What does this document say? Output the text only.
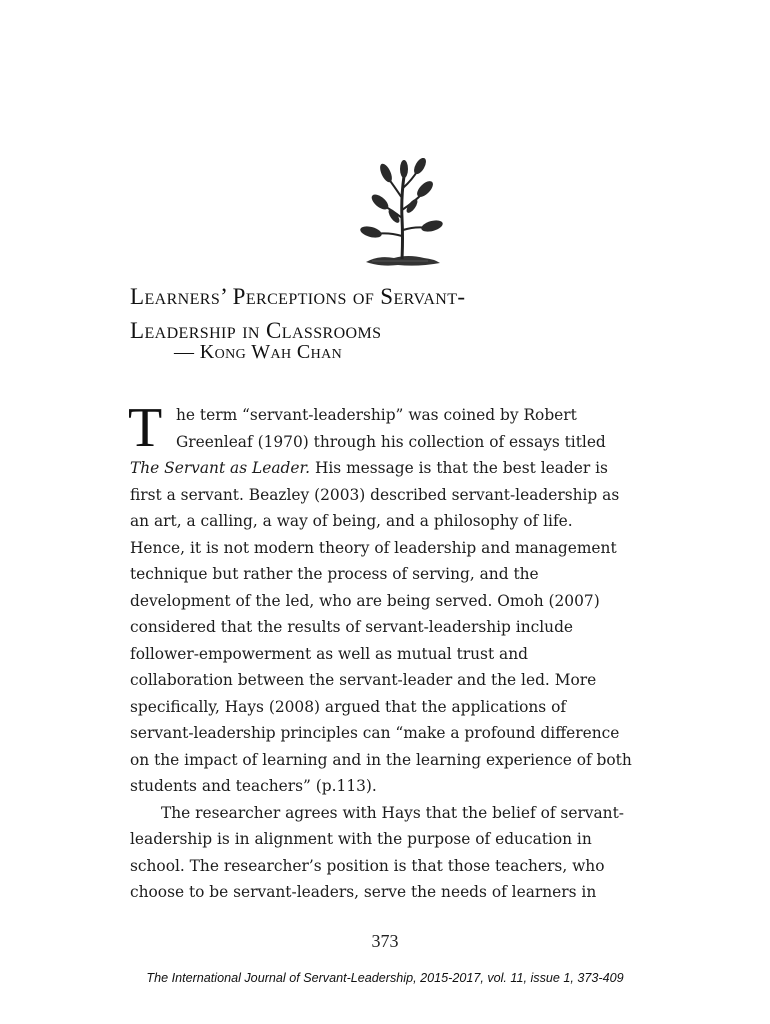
Learners’ Perceptions of Servant-
Leadership in Classrooms
— Kong Wah Chan
T he term “servant-leadership” was coined by Robert
Greenleaf (1970) through his collection of essays titled
The Servant as Leader. His message is that the best leader is
first a servant. Beazley (2003) described servant-leadership as
an art, a calling, a way of being, and a philosophy of life.
Hence, it is not modern theory of leadership and management
technique but rather the process of serving, and the
development of the led, who are being served. Omoh (2007)
considered that the results of servant-leadership include
follower-empowerment as well as mutual trust and
collaboration between the servant-leader and the led. More
specifically, Hays (2008) argued that the applications of
servant-leadership principles can “make a profound difference
on the impact of learning and in the learning experience of both
students and teachers” (p.113).
The researcher agrees with Hays that the belief of servant-
leadership is in alignment with the purpose of education in
school. The researcher’s position is that those teachers, who
choose to be servant-leaders, serve the needs of learners in
373
The International Journal of Servant-Leadership, 2015-2017, vol. 11, issue 1, 373-409
